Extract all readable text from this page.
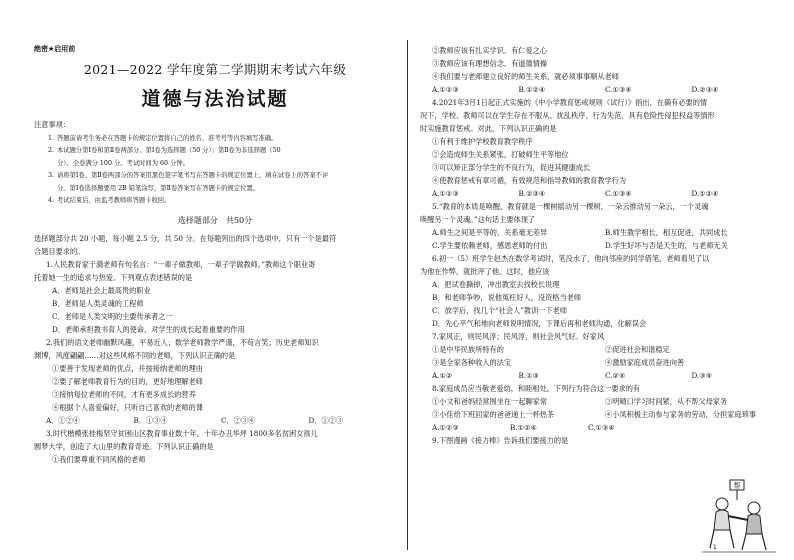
绝密★启用前

2021—2022 学年度第二学期期末考试六年级

道德与法治试题

注意事项：

1. 答题前请考生务必在答题卡的规定位置将自己的姓名、准考号等内容填写准确。

2. 本试题分第Ⅰ卷和第Ⅱ卷两部分。第Ⅰ卷为选择题（50 分）；第Ⅱ卷为非选择题（50

分）。全卷满分 100 分。考试时间为 60 分钟。

3. 请将第Ⅰ卷、第Ⅱ卷两部分的答案用黑色签字笔书写在答题卡的规定位置上，填在试卷上的答案不评

分。第Ⅰ卷选择题要用 2B 铅笔涂写，第Ⅱ卷答案写在答题卡的规定位置。

4. 考试结束后，由监考教师将答题卡收回。

选择题部分　共50分

选择题部分共 20 小题，每小题 2.5 分，共 50 分。在每题列出的四个选项中，只有一个是最符

合题目要求的。

1.人民教育家于漪老师有句名言：“一辈子做教师，一辈子学做教师。”教师这个职业寄

托着她一生的追求与热爱。下列观点表述错误的是

A．老师是社会上最高贵的职业

B．老师是人类灵魂的工程师

C．老师是人类文明的主要传承者之一

D．老师承担教书育人的使命，对学生的成长起着重要的作用

2.我们的语文老师幽默风趣，平易近人；数学老师教学严谨，不苟言笑；历史老师知识

渊博，风度翩翩……对这些风格不同的老师，下列认识正确的是

①要善于发现老师的优点，并按接纳老师的理由

②要了解老师教育行为的目的，更好地理解老师

③接纳每位老师的不同，才有更多成长的营养

④根据个人喜爱偏好，只听自己喜欢的老师的课

A．①②④	B．①③④	C．②③④	D．①②③

3.时代楷模张桂梅坚守贫困山区教育事业数十年，十年办丑华坪 1800多名贫困女孩儿

圆梦大学，创造了大山里的教育奇迹。下列认识正确的是

①我们要尊重不同风格的老师

②教师应该有扎实学识、有仁爱之心

③教师应该有理想信念、有道德情操

④我们要与老师建立良好的师生关系，就必须事事顺从老师

A.①②③	B.①②④	C.①③④	D.②③④

4.2021年3月1日起正式实施的《中小学教育惩戒规则（试行）》指出，在确有必要的情

况下，学校、教师可以在学生存在不服从、扰乱秩序、行为失范、具有危险性侵犯权益等情形

时实施教育惩戒。对此，下列认识正确的是

①有利于维护学校教育教学秩序

②会造成师生关系紧张，打破师生平等地位

③可以矫正部分学生的不良行为，促进其健康成长

④使教育惩戒有章可循，有效规范和指导教师的教育教学行为

A.①②③	B.②③④	C.①③④	D.①②④

5.“教育的本质是唤醒，教育就是一棵树摇动另一棵树，一朵云推动另一朵云，一个灵魂

唤醒另一个灵魂。”这句话主要体现了

A.师生之间是平等的，关系毫无差异	B.师生教学相长，相互促进，共同成长
C.学生要依赖老师，感恩老师的付出	D.学生好坏与否是天生的，与老师无关

6.初一（5）班学生赵杰在数学考试时，笔没水了，他向邻座的同学借笔，老师看见了以

为他在作弊，就批评了他。这时，他应该

A．把试卷撕掉，冲出教室去找校长说理

B．和老师争吵，说他冤枉好人，没资格当老师

C．放学后，找几个“社会人”教训一下老师

D．先心平气和地向老师说明情况，下课后再和老师沟通，化解误会

7.家风正，则民风淳；民风淳，则社会风气好。好家风

①是中华民族所特有的	②促进社会和谐稳定
③是全家各种收入的法宝	④激励家庭成员奋进向善
A.①②	B.①③	C.②④	D.③④

8.家庭成员应当敬老爱幼，和睦相处。下列行为符合这一要求的有

①小文和爸妈经常围坐在一起聊家常	②明晴口学习时间紧，从不帮父母家务
③小佳给下班回家的爸爸递上一杯热茶	④小凤积极主动参与家务的劳动，分担家庭琐事
A.①②③	B.①②④	C.①③④

9.下图漫画《接力棒》告诉我们要接力的是

帮
1
